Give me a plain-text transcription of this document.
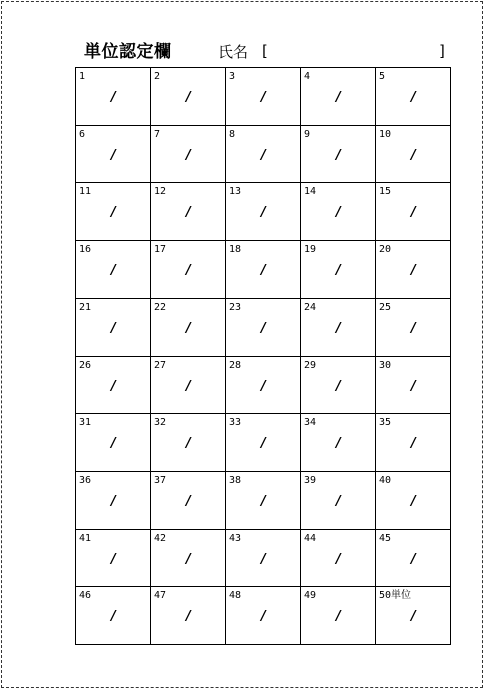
単位認定欄	氏名 [	]
1
/
2
/
3
/
4
/
5
/
6
/
7
/
8
/
9
/
10
/
11
/
12
/
13
/
14
/
15
/
16
/
17
/
18
/
19
/
20
/
21
/
22
/
23
/
24
/
25
/
26
/
27
/
28
/
29
/
30
/
31
/
32
/
33
/
34
/
35
/
36
/
37
/
38
/
39
/
40
/
41
/
42
/
43
/
44
/
45
/
46
/
47
/
48
/
49
/
50単位
/
